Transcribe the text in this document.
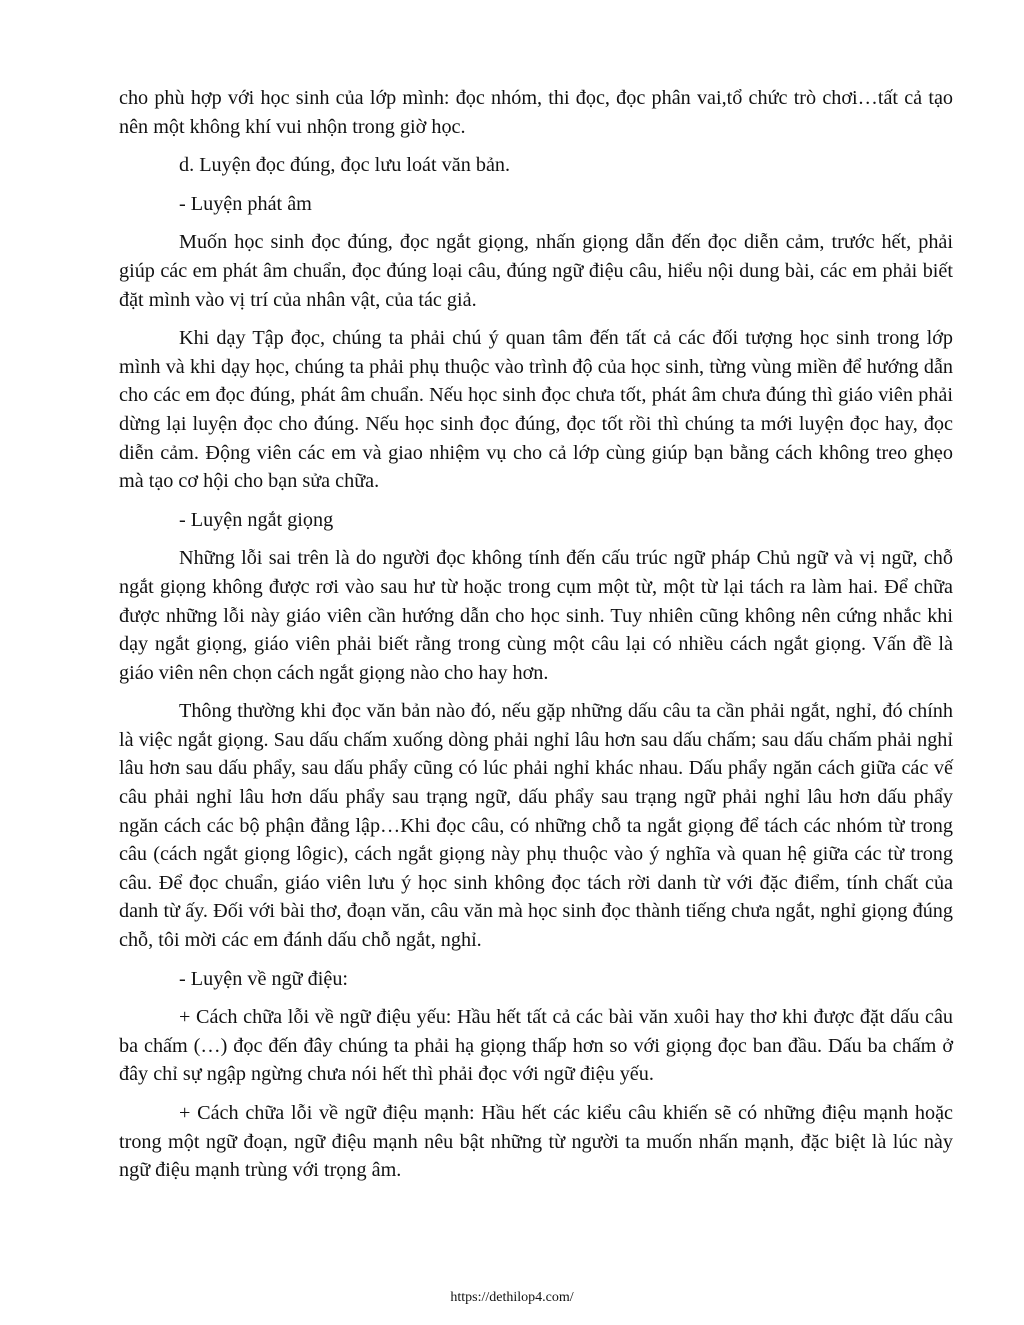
cho phù hợp với học sinh của lớp mình: đọc nhóm, thi đọc, đọc phân vai,tổ chức trò chơi…tất cả tạo nên một không khí vui nhộn trong giờ học.

d. Luyện đọc đúng, đọc lưu loát văn bản.

- Luyện phát âm

Muốn học sinh đọc đúng, đọc ngắt giọng, nhấn giọng dẫn đến đọc diễn cảm, trước hết, phải giúp các em phát âm chuẩn, đọc đúng loại câu, đúng ngữ điệu câu, hiểu nội dung bài, các em phải biết đặt mình vào vị trí của nhân vật, của tác giả.

Khi dạy Tập đọc, chúng ta phải chú ý quan tâm đến tất cả các đối tượng học sinh trong lớp mình và khi dạy học, chúng ta phải phụ thuộc vào trình độ của học sinh, từng vùng miền để hướng dẫn cho các em đọc đúng, phát âm chuẩn. Nếu học sinh đọc chưa tốt, phát âm chưa đúng thì giáo viên phải dừng lại luyện đọc cho đúng. Nếu học sinh đọc đúng, đọc tốt rồi thì chúng ta mới luyện đọc hay, đọc diễn cảm. Động viên các em và giao nhiệm vụ cho cả lớp cùng giúp bạn bằng cách không treo ghẹo mà tạo cơ hội cho bạn sửa chữa.

- Luyện ngắt giọng

Những lỗi sai trên là do người đọc không tính đến cấu trúc ngữ pháp Chủ ngữ và vị ngữ, chỗ ngắt giọng không được rơi vào sau hư từ hoặc trong cụm một từ, một từ lại tách ra làm hai. Để chữa được những lỗi này giáo viên cần hướng dẫn cho học sinh. Tuy nhiên cũng không nên cứng nhắc khi dạy ngắt giọng, giáo viên phải biết rằng trong cùng một câu lại có nhiều cách ngắt giọng. Vấn đề là giáo viên nên chọn cách ngắt giọng nào cho hay hơn.

Thông thường khi đọc văn bản nào đó, nếu gặp những dấu câu ta cần phải ngắt, nghỉ, đó chính là việc ngắt giọng. Sau dấu chấm xuống dòng phải nghỉ lâu hơn sau dấu chấm; sau dấu chấm phải nghỉ lâu hơn sau dấu phẩy, sau dấu phẩy cũng có lúc phải nghỉ khác nhau. Dấu phẩy ngăn cách giữa các vế câu phải nghỉ lâu hơn dấu phẩy sau trạng ngữ, dấu phẩy sau trạng ngữ phải nghỉ lâu hơn dấu phẩy ngăn cách các bộ phận đẳng lập…Khi đọc câu, có những chỗ ta ngắt giọng để tách các nhóm từ trong câu (cách ngắt giọng lôgic), cách ngắt giọng này phụ thuộc vào ý nghĩa và quan hệ giữa các từ trong câu. Để đọc chuẩn, giáo viên lưu ý học sinh không đọc tách rời danh từ với đặc điểm, tính chất của danh từ ấy. Đối với bài thơ, đoạn văn, câu văn mà học sinh đọc thành tiếng chưa ngắt, nghỉ giọng đúng chỗ, tôi mời các em đánh dấu chỗ ngắt, nghỉ.

- Luyện về ngữ điệu:

+ Cách chữa lỗi về ngữ điệu yếu: Hầu hết tất cả các bài văn xuôi hay thơ khi được đặt dấu câu ba chấm (…) đọc đến đây chúng ta phải hạ giọng thấp hơn so với giọng đọc ban đầu. Dấu ba chấm ở đây chỉ sự ngập ngừng chưa nói hết thì phải đọc với ngữ điệu yếu.

+ Cách chữa lỗi về ngữ điệu mạnh: Hầu hết các kiểu câu khiến sẽ có những điệu mạnh hoặc trong một ngữ đoạn, ngữ điệu mạnh nêu bật những từ người ta muốn nhấn mạnh, đặc biệt là lúc này ngữ điệu mạnh trùng với trọng âm.

https://dethilop4.com/
